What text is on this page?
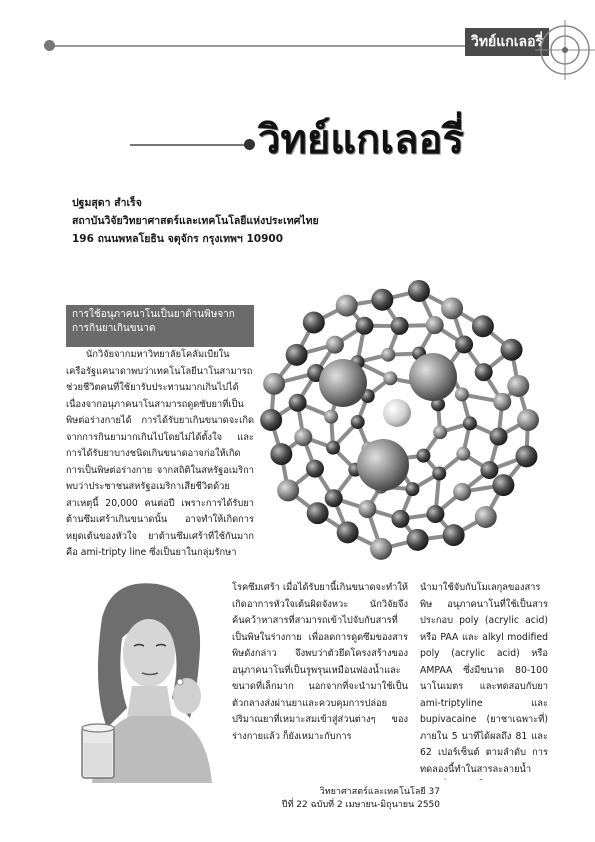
วิทย์แกเลอรี่
วิทย์แกเลอรี่
ปฐมสุดา สำเร็จ
สถาบันวิจัยวิทยาศาสตร์และเทคโนโลยีแห่งประเทศไทย
196 ถนนพหลโยธิน จตุจักร กรุงเทพฯ 10900
การใช้อนุภาคนาโนเป็นยาต้านพิษจากการกินยาเกินขนาด
นักวิจัยจากมหาวิทยาลัยโคลัมเบียในเครือรัฐแคนาดาพบว่าเทคโนโลยีนาโนสามารถช่วยชีวิตคนที่ใช้ยารับประทานมากเกินไปได้ เนื่องจากอนุภาคนาโนสามารถดูดซับยาที่เป็นพิษต่อร่างกายได้ การได้รับยาเกินขนาดจะเกิดจากการกินยามากเกินไปโดยไม่ได้ตั้งใจ และการได้รับยาบางชนิดเกินขนาดอาจก่อให้เกิดการเป็นพิษต่อร่างกาย จากสถิติในสหรัฐอเมริกาพบว่าประชาชนสหรัฐอเมริกาเสียชีวิตด้วยสาเหตุนี้ 20,000 คนต่อปี เพราะการได้รับยาต้านซึมเศร้าเกินขนาดนั้น อาจทำให้เกิดการหยุดเต้นของหัวใจ ยาต้านซึมเศร้าที่ใช้กันมากคือ ami-tripty line ซึ่งเป็นยาในกลุ่มรักษา
โรคซึมเศร้า เมื่อได้รับยานี้เกินขนาดจะทำให้เกิดอาการหัวใจเต้นผิดจังหวะ นักวิจัยจึงค้นคว้าหาสารที่สามารถเข้าไปจับกับสารที่เป็นพิษในร่างกาย เพื่อลดการดูดซึมของสารพิษดังกล่าว จึงพบว่าตัวยึดโครงสร้างของอนุภาคนาโนที่เป็นรูพรุนเหมือนฟองน้ำและขนาดที่เล็กมาก นอกจากที่จะนำมาใช้เป็นตัวกลางส่งผ่านยาและควบคุมการปล่อยปริมาณยาที่เหมาะสมเข้าสู่ส่วนต่างๆ ของร่างกายแล้ว ก็ยังเหมาะกับการ
นำมาใช้จับกับโมเลกุลของสารพิษ อนุภาคนาโนที่ใช้เป็นสาร ประกอบ poly (acrylic acid) หรือ PAA และ alkyl modified poly (acrylic acid) หรือ AMPAA ซึ่งมีขนาด 80-100 นาโนเมตร และทดสอบกับยา ami-triptyline และ bupivacaine (ยาชาเฉพาะที่) ภายใน 5 นาทีได้ผลถึง 81 และ 62 เปอร์เซ็นต์ ตามลำดับ การทดลองนี้ทำในสารละลายน้ำ
วิทยาศาสตร์และเทคโนโลยี 37
ปีที่ 22 ฉบับที่ 2 เมษายน-มิถุนายน 2550
